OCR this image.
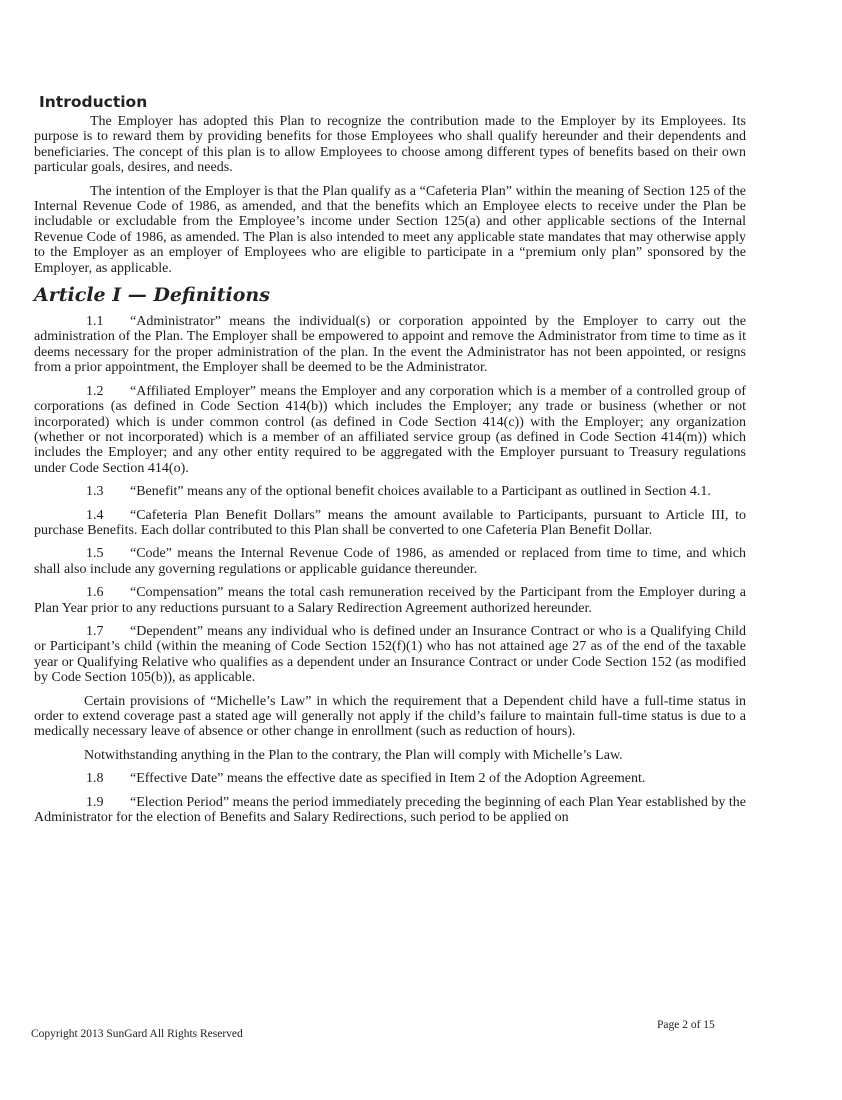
Introduction

The Employer has adopted this Plan to recognize the contribution made to the Employer by its Employees. Its purpose is to reward them by providing benefits for those Employees who shall qualify hereunder and their dependents and beneficiaries. The concept of this plan is to allow Employees to choose among different types of benefits based on their own particular goals, desires, and needs.

The intention of the Employer is that the Plan qualify as a “Cafeteria Plan” within the meaning of Section 125 of the Internal Revenue Code of 1986, as amended, and that the benefits which an Employee elects to receive under the Plan be includable or excludable from the Employee’s income under Section 125(a) and other applicable sections of the Internal Revenue Code of 1986, as amended. The Plan is also intended to meet any applicable state mandates that may otherwise apply to the Employer as an employer of Employees who are eligible to participate in a “premium only plan” sponsored by the Employer, as applicable.

Article I — Definitions

1.1 “Administrator” means the individual(s) or corporation appointed by the Employer to carry out the administration of the Plan. The Employer shall be empowered to appoint and remove the Administrator from time to time as it deems necessary for the proper administration of the plan. In the event the Administrator has not been appointed, or resigns from a prior appointment, the Employer shall be deemed to be the Administrator.

1.2 “Affiliated Employer” means the Employer and any corporation which is a member of a controlled group of corporations (as defined in Code Section 414(b)) which includes the Employer; any trade or business (whether or not incorporated) which is under common control (as defined in Code Section 414(c)) with the Employer; any organization (whether or not incorporated) which is a member of an affiliated service group (as defined in Code Section 414(m)) which includes the Employer; and any other entity required to be aggregated with the Employer pursuant to Treasury regulations under Code Section 414(o).

1.3 “Benefit” means any of the optional benefit choices available to a Participant as outlined in Section 4.1.

1.4 “Cafeteria Plan Benefit Dollars” means the amount available to Participants, pursuant to Article III, to purchase Benefits. Each dollar contributed to this Plan shall be converted to one Cafeteria Plan Benefit Dollar.

1.5 “Code” means the Internal Revenue Code of 1986, as amended or replaced from time to time, and which shall also include any governing regulations or applicable guidance thereunder.

1.6 “Compensation” means the total cash remuneration received by the Participant from the Employer during a Plan Year prior to any reductions pursuant to a Salary Redirection Agreement authorized hereunder.

1.7 “Dependent” means any individual who is defined under an Insurance Contract or who is a Qualifying Child or Participant’s child (within the meaning of Code Section 152(f)(1) who has not attained age 27 as of the end of the taxable year or Qualifying Relative who qualifies as a dependent under an Insurance Contract or under Code Section 152 (as modified by Code Section 105(b)), as applicable.

Certain provisions of “Michelle’s Law” in which the requirement that a Dependent child have a full-time status in order to extend coverage past a stated age will generally not apply if the child’s failure to maintain full-time status is due to a medically necessary leave of absence or other change in enrollment (such as reduction of hours).

Notwithstanding anything in the Plan to the contrary, the Plan will comply with Michelle’s Law.

1.8 “Effective Date” means the effective date as specified in Item 2 of the Adoption Agreement.

1.9 “Election Period” means the period immediately preceding the beginning of each Plan Year established by the Administrator for the election of Benefits and Salary Redirections, such period to be applied on

Copyright 2013 SunGard All Rights Reserved
Page 2 of 15
